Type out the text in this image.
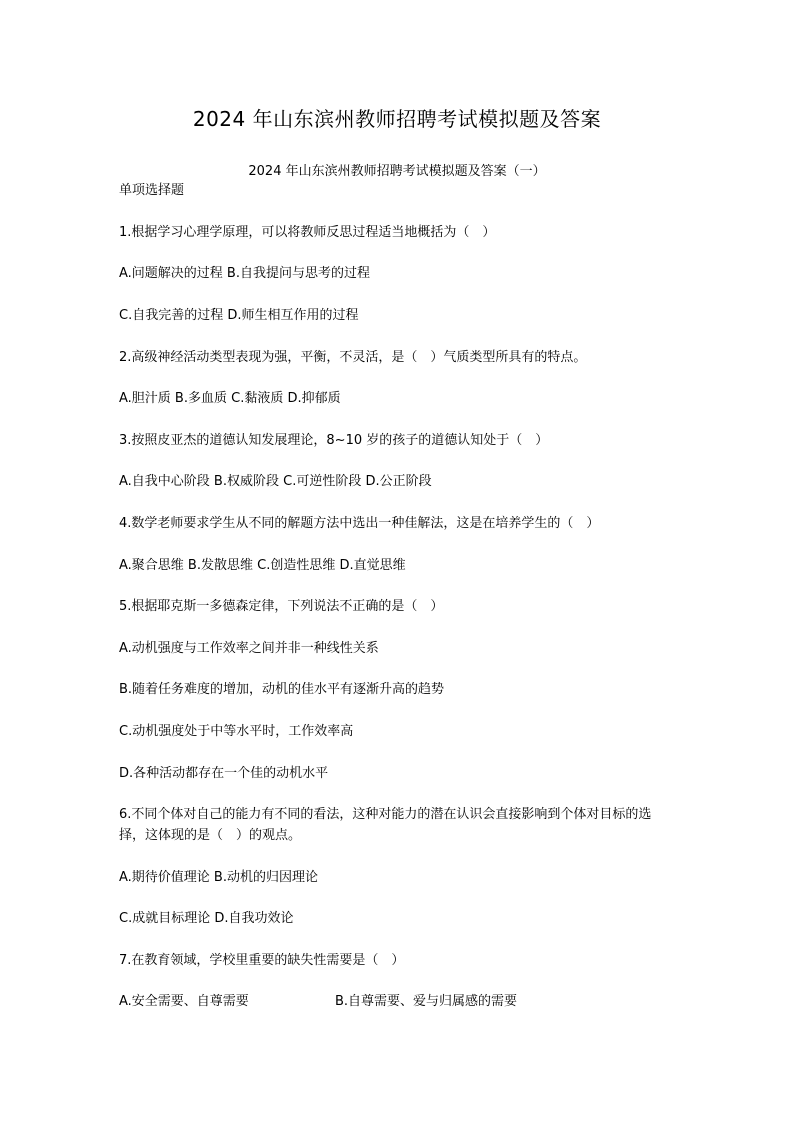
2024 年山东滨州教师招聘考试模拟题及答案
2024 年山东滨州教师招聘考试模拟题及答案（一）
单项选择题
1.根据学习心理学原理，可以将教师反思过程适当地概括为（　）
A.问题解决的过程 B.自我提问与思考的过程
C.自我完善的过程 D.师生相互作用的过程
2.高级神经活动类型表现为强，平衡，不灵活，是（　）气质类型所具有的特点。
A.胆汁质 B.多血质 C.黏液质 D.抑郁质
3.按照皮亚杰的道德认知发展理论，8~10 岁的孩子的道德认知处于（　）
A.自我中心阶段 B.权威阶段 C.可逆性阶段 D.公正阶段
4.数学老师要求学生从不同的解题方法中选出一种佳解法，这是在培养学生的（　）
A.聚合思维 B.发散思维 C.创造性思维 D.直觉思维
5.根据耶克斯一多德森定律，下列说法不正确的是（　）
A.动机强度与工作效率之间并非一种线性关系
B.随着任务难度的增加，动机的佳水平有逐渐升高的趋势
C.动机强度处于中等水平时，工作效率高
D.各种活动都存在一个佳的动机水平
6.不同个体对自己的能力有不同的看法，这种对能力的潜在认识会直接影响到个体对目标的选择，这体现的是（　）的观点。
A.期待价值理论 B.动机的归因理论
C.成就目标理论 D.自我功效论
7.在教育领域，学校里重要的缺失性需要是（　）
A.安全需要、自尊需要	B.自尊需要、爱与归属感的需要
